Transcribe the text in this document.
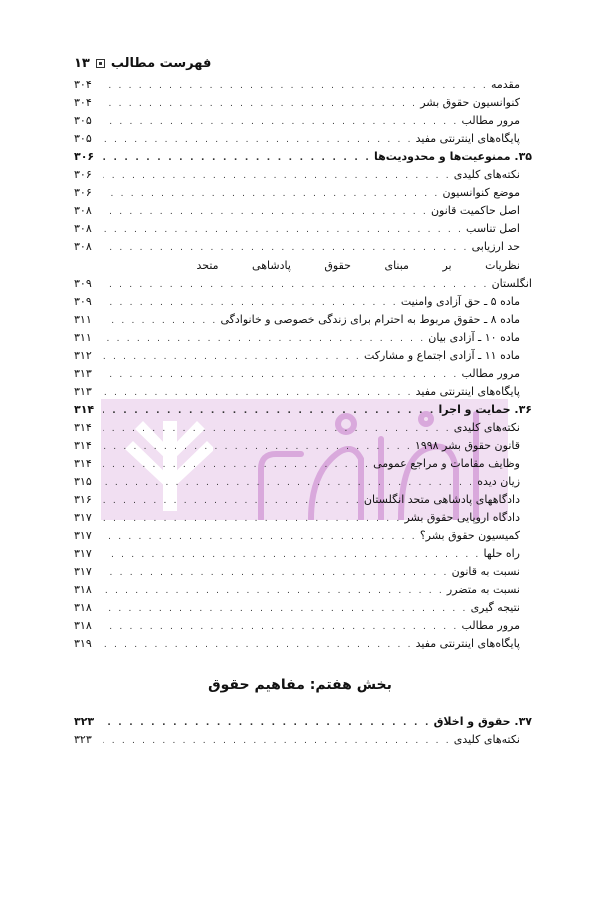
فهرست مطالب
۱۳
مقدمه
. . .
۳۰۴
کنوانسیون حقوق بشر
. . .
۳۰۴
مرور مطالب
. . .
۳۰۵
پایگاه‌های اینترنتی مفید
. . .
۳۰۵
۳۵. ممنوعیت‌ها و محدودیت‌ها
. . .
۳۰۶
نکته‌های کلیدی
. . .
۳۰۶
موضع کنوانسیون
. . .
۳۰۶
اصل حاکمیت قانون
. . .
۳۰۸
اصل تناسب
. . .
۳۰۸
حد ارزیابی
. . .
۳۰۸
نظریات بر مبنای حقوق پادشاهی متحد
انگلستان
. . .
۳۰۹
ماده ۵ ـ حق آزادی وامنیت
. . .
۳۰۹
ماده ۸ ـ حقوق مربوط به احترام برای زندگی خصوصی و خانوادگی
. . .
۳۱۱
ماده ۱۰ ـ آزادی بیان
. . .
۳۱۱
ماده ۱۱ ـ آزادی اجتماع و مشارکت
. . .
۳۱۲
مرور مطالب
. . .
۳۱۳
پایگاه‌های اینترنتی مفید
. . .
۳۱۳
۳۶. حمایت و اجرا
. . .
۳۱۴
نکته‌های کلیدی
. . .
۳۱۴
قانون حقوق بشر ۱۹۹۸
. . .
۳۱۴
وظایف مقامات و مراجع عمومی
. . .
۳۱۴
زیان دیده
. . .
۳۱۵
دادگاههای پادشاهی متحد انگلستان
. . .
۳۱۶
دادگاه اروپایی حقوق بشر
. . .
۳۱۷
کمیسیون حقوق بشر؟
. . .
۳۱۷
راه حلها
. . .
۳۱۷
نسبت به قانون
. . .
۳۱۷
نسبت به متضرر
. . .
۳۱۸
نتیجه گیری
. . .
۳۱۸
مرور مطالب
. . .
۳۱۸
پایگاه‌های اینترنتی مفید
. . .
۳۱۹
۳۷. حقوق و اخلاق
. . .
۳۲۳
نکته‌های کلیدی
. . .
۳۲۳
بخش هفتم: مفاهیم حقوق
